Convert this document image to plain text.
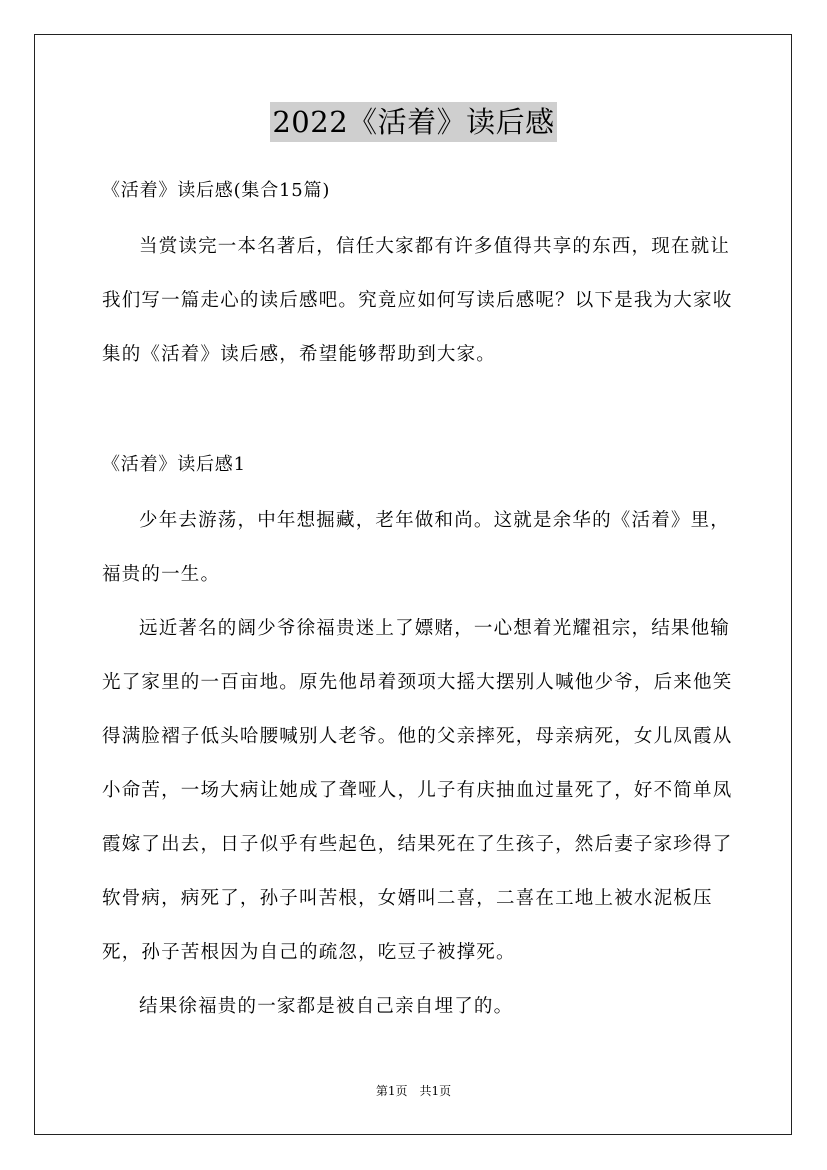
2022《活着》读后感
《活着》读后感(集合15篇)

当赏读完一本名著后，信任大家都有许多值得共享的东西，现在就让我们写一篇走心的读后感吧。究竟应如何写读后感呢？以下是我为大家收集的《活着》读后感，希望能够帮助到大家。

《活着》读后感1

少年去游荡，中年想掘藏，老年做和尚。这就是余华的《活着》里，福贵的一生。

远近著名的阔少爷徐福贵迷上了嫖赌，一心想着光耀祖宗，结果他输光了家里的一百亩地。原先他昂着颈项大摇大摆别人喊他少爷，后来他笑得满脸褶子低头哈腰喊别人老爷。他的父亲摔死，母亲病死，女儿凤霞从小命苦，一场大病让她成了聋哑人，儿子有庆抽血过量死了，好不简单凤霞嫁了出去，日子似乎有些起色，结果死在了生孩子，然后妻子家珍得了软骨病，病死了，孙子叫苦根，女婿叫二喜，二喜在工地上被水泥板压死，孙子苦根因为自己的疏忽，吃豆子被撑死。

结果徐福贵的一家都是被自己亲自埋了的。

第1页　共1页
